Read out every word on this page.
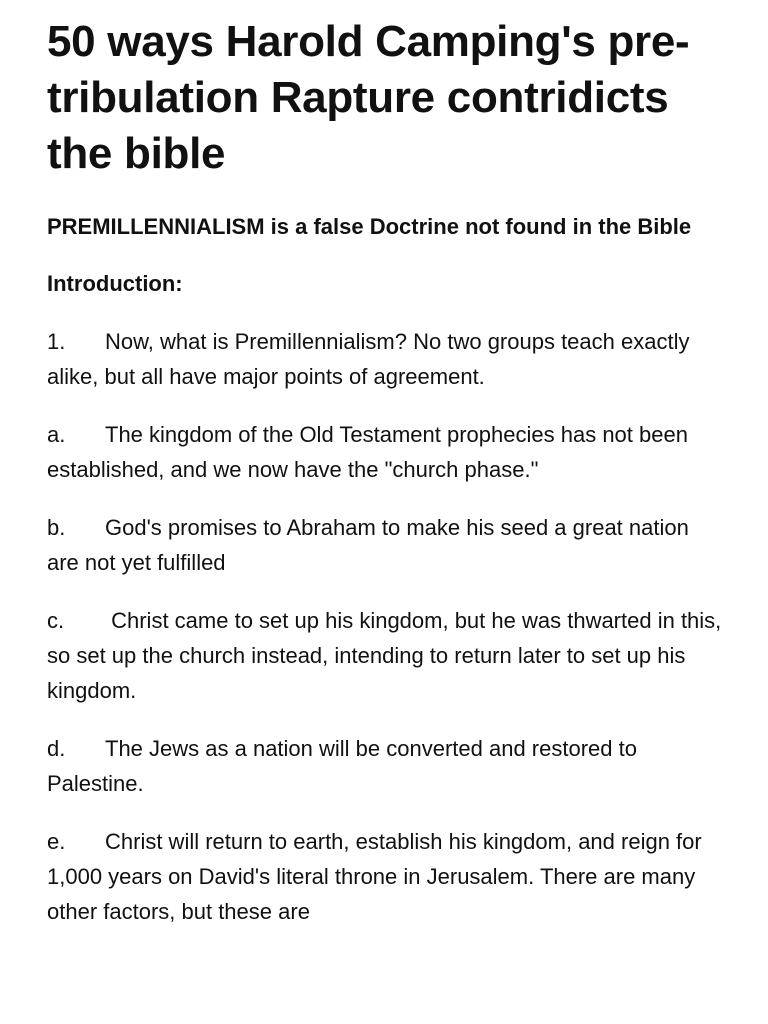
50 ways Harold Camping's pre-tribulation Rapture contridicts the bible

PREMILLENNIALISM is a false Doctrine not found in the Bible

Introduction:

1. Now, what is Premillennialism? No two groups teach exactly alike, but all have major points of agreement.

a. The kingdom of the Old Testament prophecies has not been established, and we now have the "church phase."

b. God's promises to Abraham to make his seed a great nation are not yet fulfilled

c. Christ came to set up his kingdom, but he was thwarted in this, so set up the church instead, intending to return later to set up his kingdom.

d. The Jews as a nation will be converted and restored to Palestine.

e. Christ will return to earth, establish his kingdom, and reign for 1,000 years on David's literal throne in Jerusalem. There are many other factors, but these are
